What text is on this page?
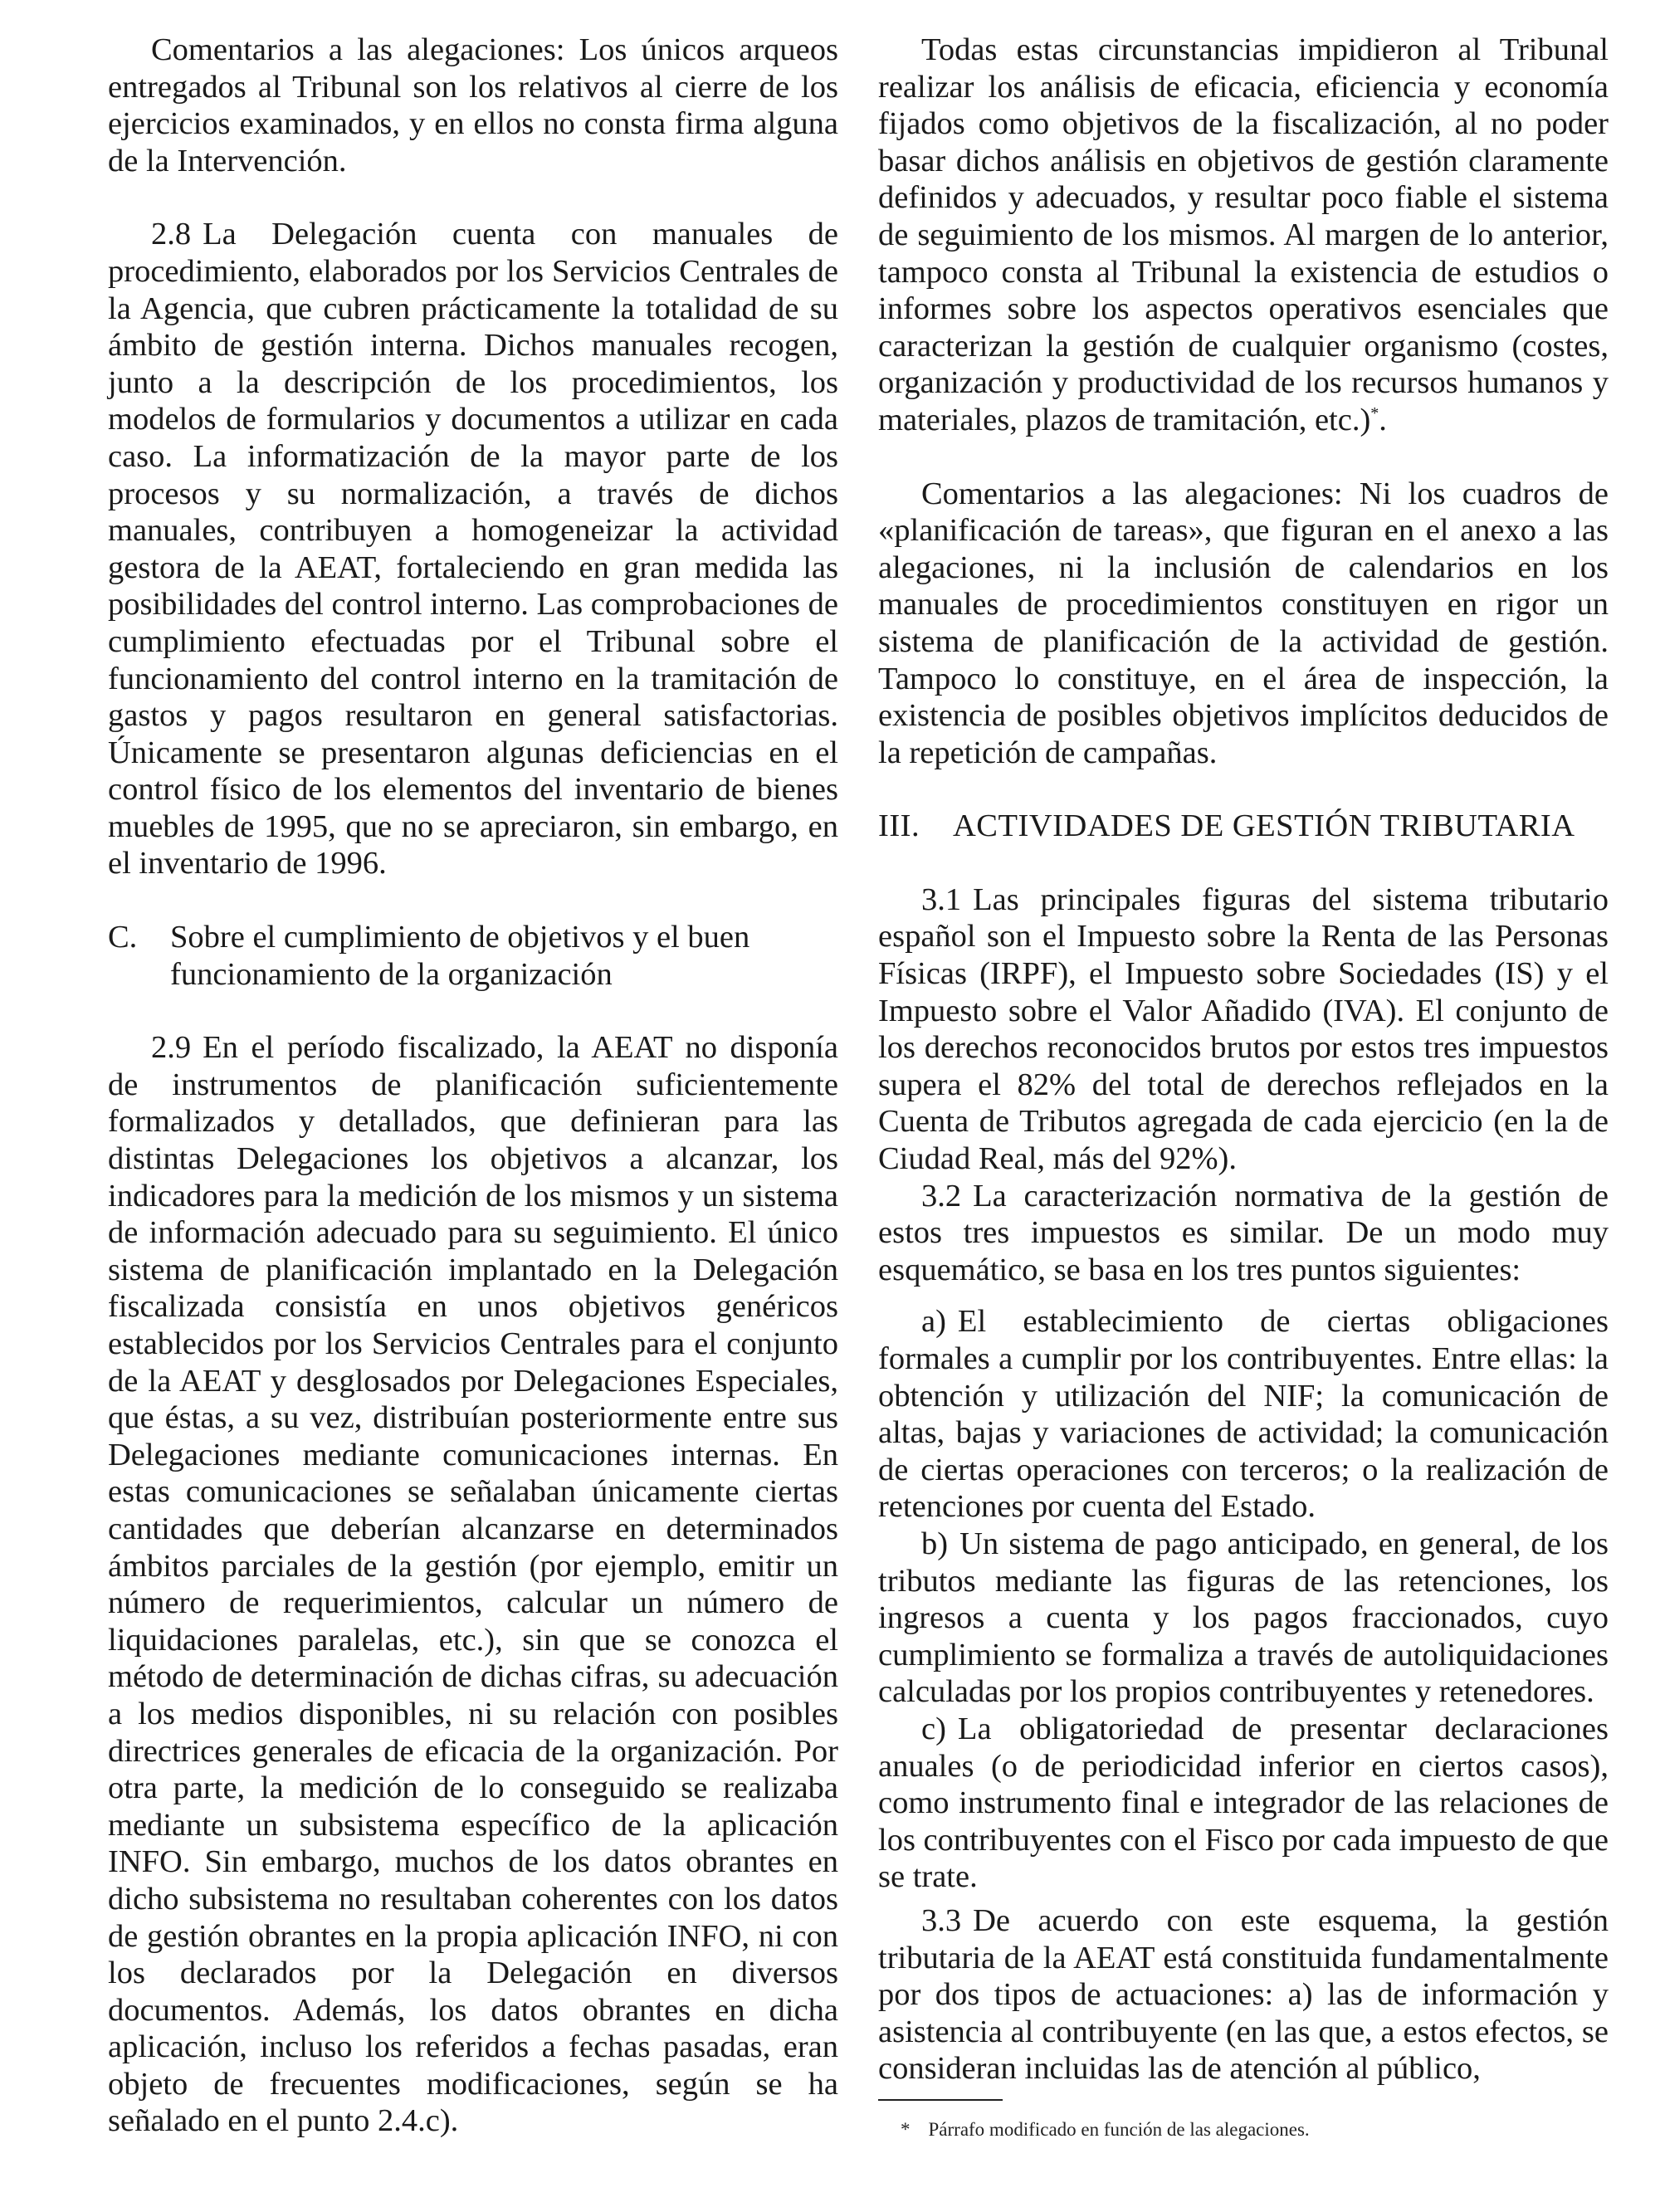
Comentarios a las alegaciones: Los únicos arqueos entregados al Tribunal son los relativos al cierre de los ejercicios examinados, y en ellos no consta firma alguna de la Intervención.

2.8 La Delegación cuenta con manuales de procedimiento, elaborados por los Servicios Centrales de la Agencia, que cubren prácticamente la totalidad de su ámbito de gestión interna. Dichos manuales recogen, junto a la descripción de los procedimientos, los modelos de formularios y documentos a utilizar en cada caso. La informatización de la mayor parte de los procesos y su normalización, a través de dichos manuales, contribuyen a homogeneizar la actividad gestora de la AEAT, fortaleciendo en gran medida las posibilidades del control interno. Las comprobaciones de cumplimiento efectuadas por el Tribunal sobre el funcionamiento del control interno en la tramitación de gastos y pagos resultaron en general satisfactorias. Únicamente se presentaron algunas deficiencias en el control físico de los elementos del inventario de bienes muebles de 1995, que no se apreciaron, sin embargo, en el inventario de 1996.

C.	Sobre el cumplimiento de objetivos y el buen funcionamiento de la organización

2.9 En el período fiscalizado, la AEAT no disponía de instrumentos de planificación suficientemente formalizados y detallados, que definieran para las distintas Delegaciones los objetivos a alcanzar, los indicadores para la medición de los mismos y un sistema de información adecuado para su seguimiento. El único sistema de planificación implantado en la Delegación fiscalizada consistía en unos objetivos genéricos establecidos por los Servicios Centrales para el conjunto de la AEAT y desglosados por Delegaciones Especiales, que éstas, a su vez, distribuían posteriormente entre sus Delegaciones mediante comunicaciones internas. En estas comunicaciones se señalaban únicamente ciertas cantidades que deberían alcanzarse en determinados ámbitos parciales de la gestión (por ejemplo, emitir un número de requerimientos, calcular un número de liquidaciones paralelas, etc.), sin que se conozca el método de determinación de dichas cifras, su adecuación a los medios disponibles, ni su relación con posibles directrices generales de eficacia de la organización. Por otra parte, la medición de lo conseguido se realizaba mediante un subsistema específico de la aplicación INFO. Sin embargo, muchos de los datos obrantes en dicho subsistema no resultaban coherentes con los datos de gestión obrantes en la propia aplicación INFO, ni con los declarados por la Delegación en diversos documentos. Además, los datos obrantes en dicha aplicación, incluso los referidos a fechas pasadas, eran objeto de frecuentes modificaciones, según se ha señalado en el punto 2.4.c).

Todas estas circunstancias impidieron al Tribunal realizar los análisis de eficacia, eficiencia y economía fijados como objetivos de la fiscalización, al no poder basar dichos análisis en objetivos de gestión claramente definidos y adecuados, y resultar poco fiable el sistema de seguimiento de los mismos. Al margen de lo anterior, tampoco consta al Tribunal la existencia de estudios o informes sobre los aspectos operativos esenciales que caracterizan la gestión de cualquier organismo (costes, organización y productividad de los recursos humanos y materiales, plazos de tramitación, etc.)*.

Comentarios a las alegaciones: Ni los cuadros de «planificación de tareas», que figuran en el anexo a las alegaciones, ni la inclusión de calendarios en los manuales de procedimientos constituyen en rigor un sistema de planificación de la actividad de gestión. Tampoco lo constituye, en el área de inspección, la existencia de posibles objetivos implícitos deducidos de la repetición de campañas.

III. ACTIVIDADES DE GESTIÓN TRIBUTARIA

3.1 Las principales figuras del sistema tributario español son el Impuesto sobre la Renta de las Personas Físicas (IRPF), el Impuesto sobre Sociedades (IS) y el Impuesto sobre el Valor Añadido (IVA). El conjunto de los derechos reconocidos brutos por estos tres impuestos supera el 82% del total de derechos reflejados en la Cuenta de Tributos agregada de cada ejercicio (en la de Ciudad Real, más del 92%).

3.2 La caracterización normativa de la gestión de estos tres impuestos es similar. De un modo muy esquemático, se basa en los tres puntos siguientes:

a) El establecimiento de ciertas obligaciones formales a cumplir por los contribuyentes. Entre ellas: la obtención y utilización del NIF; la comunicación de altas, bajas y variaciones de actividad; la comunicación de ciertas operaciones con terceros; o la realización de retenciones por cuenta del Estado.

b) Un sistema de pago anticipado, en general, de los tributos mediante las figuras de las retenciones, los ingresos a cuenta y los pagos fraccionados, cuyo cumplimiento se formaliza a través de autoliquidaciones calculadas por los propios contribuyentes y retenedores.

c) La obligatoriedad de presentar declaraciones anuales (o de periodicidad inferior en ciertos casos), como instrumento final e integrador de las relaciones de los contribuyentes con el Fisco por cada impuesto de que se trate.

3.3 De acuerdo con este esquema, la gestión tributaria de la AEAT está constituida fundamentalmente por dos tipos de actuaciones: a) las de información y asistencia al contribuyente (en las que, a estos efectos, se consideran incluidas las de atención al público,

* Párrafo modificado en función de las alegaciones.
